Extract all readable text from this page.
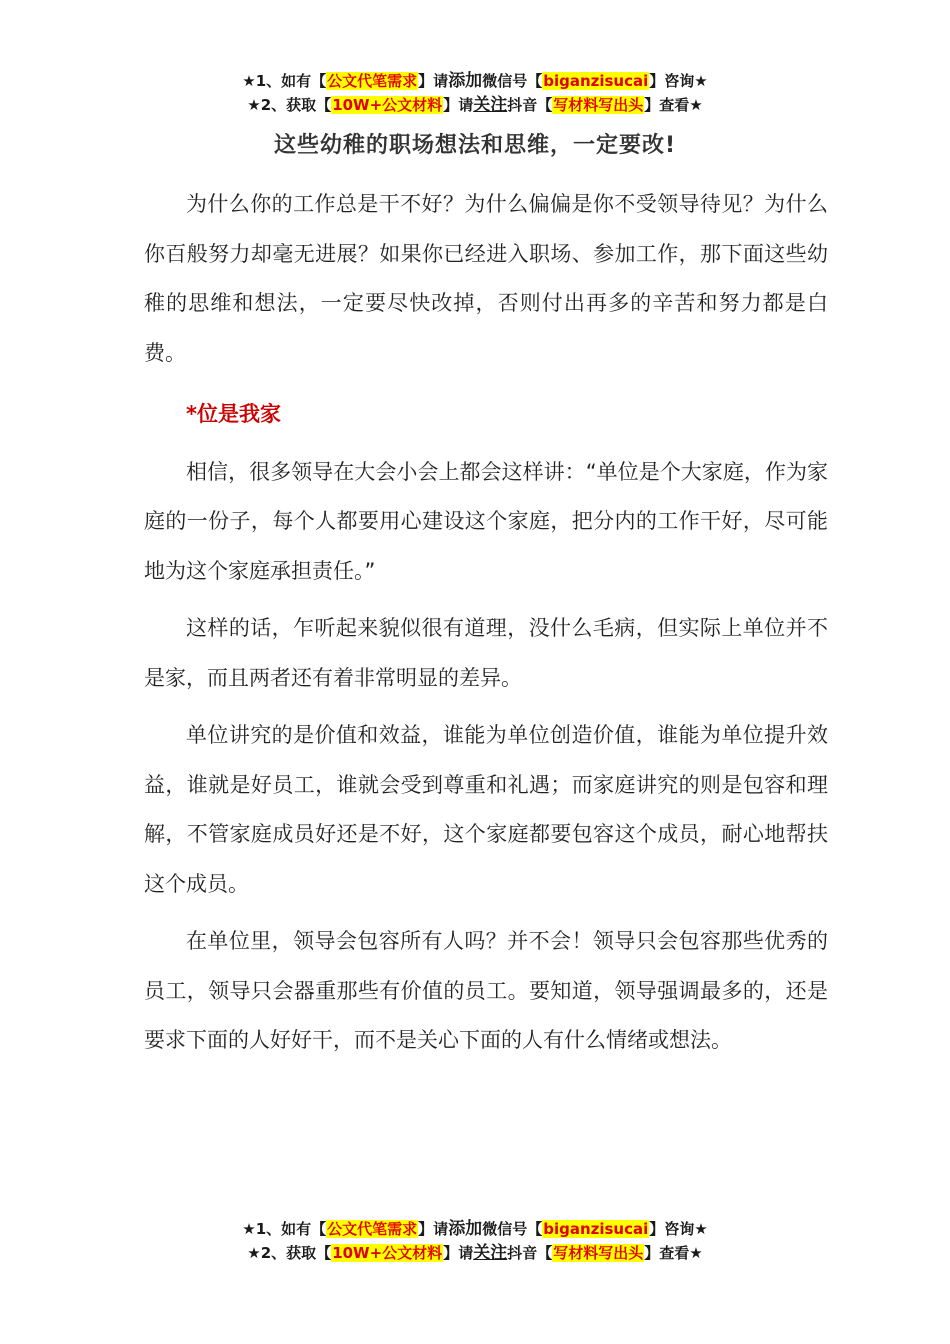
★1、如有【公文代笔需求】请添加微信号【biganzisucai】咨询★
★2、获取【10W+公文材料】请关注抖音【写材料写出头】查看★
这些幼稚的职场想法和思维，一定要改!

为什么你的工作总是干不好？为什么偏偏是你不受领导待见？为什么你百般努力却毫无进展？如果你已经进入职场、参加工作，那下面这些幼稚的思维和想法，一定要尽快改掉，否则付出再多的辛苦和努力都是白费。

*位是我家

相信，很多领导在大会小会上都会这样讲：“单位是个大家庭，作为家庭的一份子，每个人都要用心建设这个家庭，把分内的工作干好，尽可能地为这个家庭承担责任。”

这样的话，乍听起来貌似很有道理，没什么毛病，但实际上单位并不是家，而且两者还有着非常明显的差异。

单位讲究的是价值和效益，谁能为单位创造价值，谁能为单位提升效益，谁就是好员工，谁就会受到尊重和礼遇；而家庭讲究的则是包容和理解，不管家庭成员好还是不好，这个家庭都要包容这个成员，耐心地帮扶这个成员。

在单位里，领导会包容所有人吗？并不会！领导只会包容那些优秀的员工，领导只会器重那些有价值的员工。要知道，领导强调最多的，还是要求下面的人好好干，而不是关心下面的人有什么情绪或想法。

★1、如有【公文代笔需求】请添加微信号【biganzisucai】咨询★
★2、获取【10W+公文材料】请关注抖音【写材料写出头】查看★
